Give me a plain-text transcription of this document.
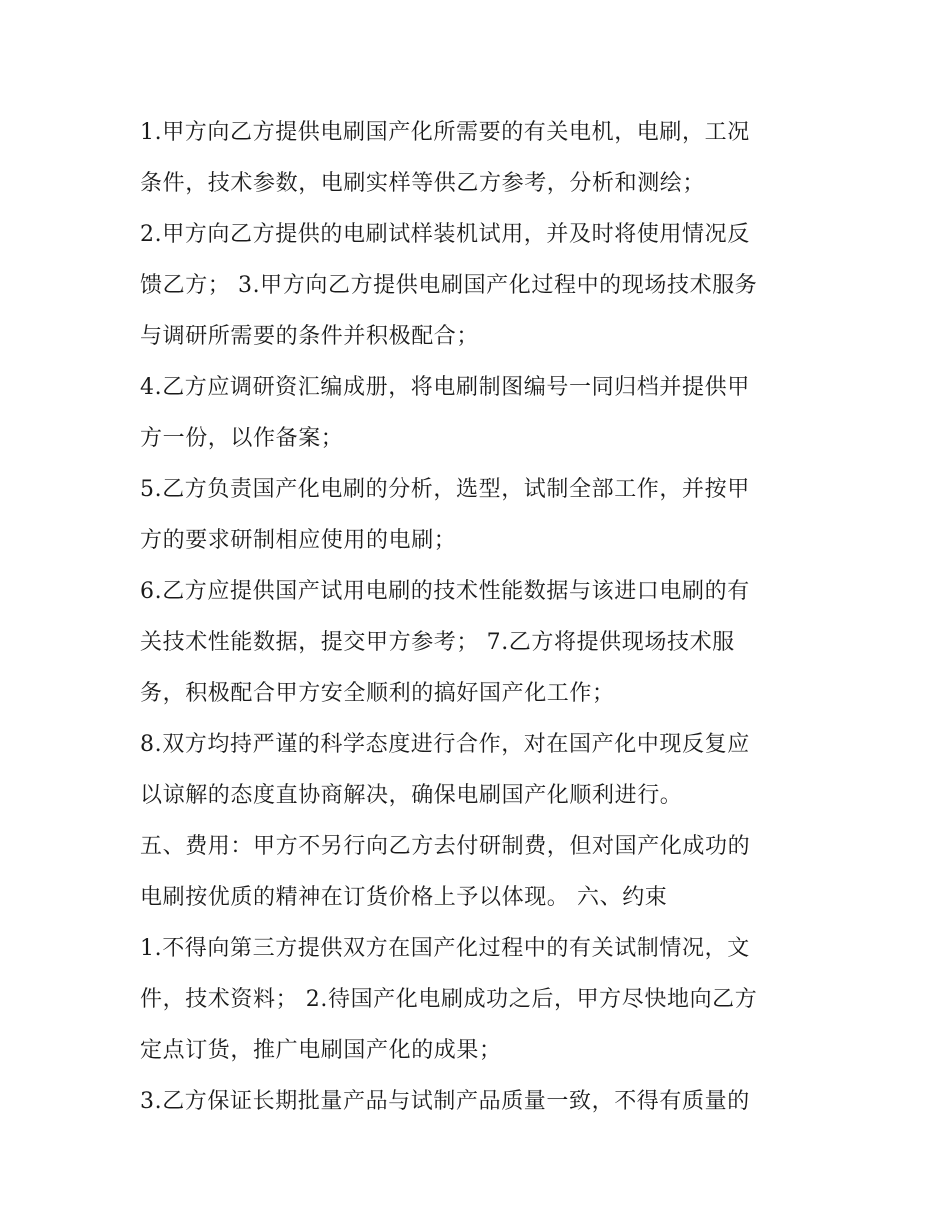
1.甲方向乙方提供电刷国产化所需要的有关电机，电刷，工况
条件，技术参数，电刷实样等供乙方参考，分析和测绘；
2.甲方向乙方提供的电刷试样装机试用，并及时将使用情况反
馈乙方； 3.甲方向乙方提供电刷国产化过程中的现场技术服务
与调研所需要的条件并积极配合；
4.乙方应调研资汇编成册，将电刷制图编号一同归档并提供甲
方一份，以作备案；
5.乙方负责国产化电刷的分析，选型，试制全部工作，并按甲
方的要求研制相应使用的电刷；
6.乙方应提供国产试用电刷的技术性能数据与该进口电刷的有
关技术性能数据，提交甲方参考； 7.乙方将提供现场技术服
务，积极配合甲方安全顺利的搞好国产化工作；
8.双方均持严谨的科学态度进行合作，对在国产化中现反复应
以谅解的态度直协商解决，确保电刷国产化顺利进行。
五、费用：甲方不另行向乙方去付研制费，但对国产化成功的
电刷按优质的精神在订货价格上予以体现。 六、约束
1.不得向第三方提供双方在国产化过程中的有关试制情况，文
件，技术资料； 2.待国产化电刷成功之后，甲方尽快地向乙方
定点订货，推广电刷国产化的成果；
3.乙方保证长期批量产品与试制产品质量一致，不得有质量的
